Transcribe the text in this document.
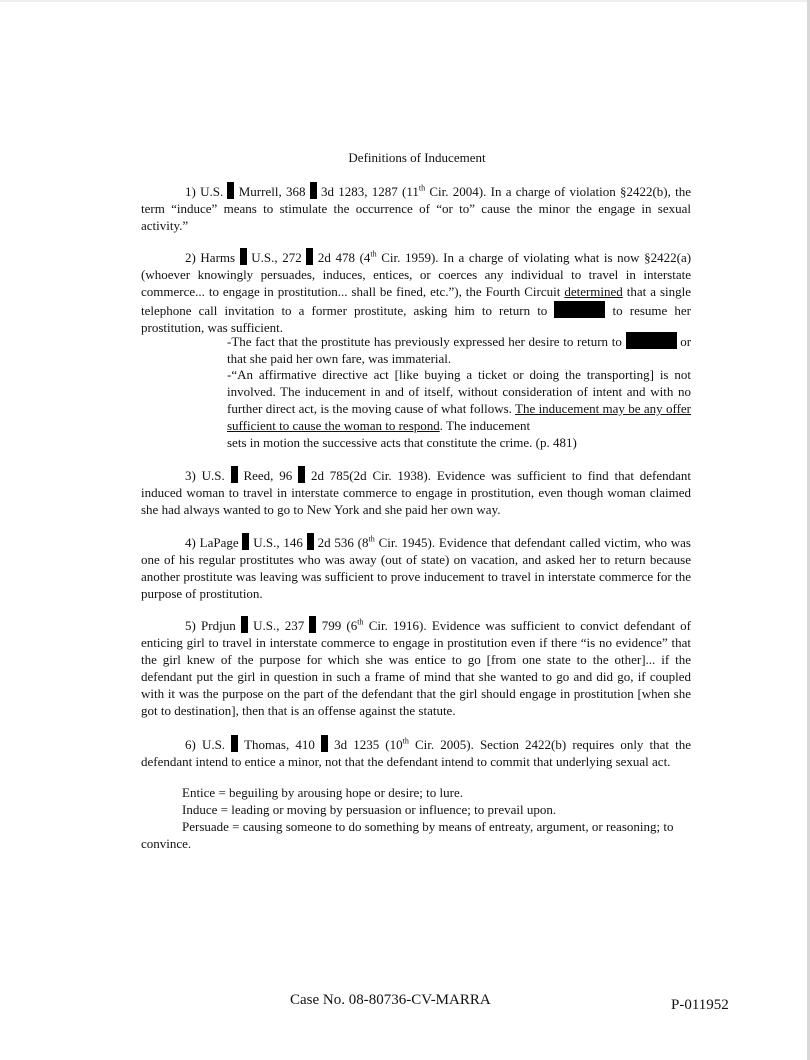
Definitions of Inducement
1) U.S. Murrell, 368 3d 1283, 1287 (11th Cir. 2004). In a charge of violation §2422(b), the term “induce” means to stimulate the occurrence of “or to” cause the minor the engage in sexual activity.”
2) Harms U.S., 272 2d 478 (4th Cir. 1959). In a charge of violating what is now §2422(a) (whoever knowingly persuades, induces, entices, or coerces any individual to travel in interstate commerce... to engage in prostitution... shall be fined, etc.”), the Fourth Circuit determined that a single telephone call invitation to a former prostitute, asking him to return to	to resume her prostitution, was sufficient.
-The fact that the prostitute has previously expressed her desire to return to	or that she paid her own fare, was immaterial.
-“An affirmative directive act [like buying a ticket or doing the transporting] is not involved. The inducement in and of itself, without consideration of intent and with no further direct act, is the moving cause of what follows. The inducement may be any offer sufficient to cause the woman to respond. The inducement
sets in motion the successive acts that constitute the crime. (p. 481)
3) U.S. Reed, 96 2d 785(2d Cir. 1938). Evidence was sufficient to find that defendant induced woman to travel in interstate commerce to engage in prostitution, even though woman claimed she had always wanted to go to New York and she paid her own way.
4) LaPage U.S., 146 2d 536 (8th Cir. 1945). Evidence that defendant called victim, who was one of his regular prostitutes who was away (out of state) on vacation, and asked her to return because another prostitute was leaving was sufficient to prove inducement to travel in interstate commerce for the purpose of prostitution.
5) Prdjun U.S., 237 799 (6th Cir. 1916). Evidence was sufficient to convict defendant of enticing girl to travel in interstate commerce to engage in prostitution even if there “is no evidence” that the girl knew of the purpose for which she was entice to go [from one state to the other]... if the defendant put the girl in question in such a frame of mind that she wanted to go and did go, if coupled with it was the purpose on the part of the defendant that the girl should engage in prostitution [when she got to destination], then that is an offense against the statute.
6) U.S. Thomas, 410 3d 1235 (10th Cir. 2005). Section 2422(b) requires only that the defendant intend to entice a minor, not that the defendant intend to commit that underlying sexual act.
Entice = beguiling by arousing hope or desire; to lure.
Induce = leading or moving by persuasion or influence; to prevail upon.
Persuade = causing someone to do something by means of entreaty, argument, or reasoning; to convince.
Case No. 08-80736-CV-MARRA	P-011952
